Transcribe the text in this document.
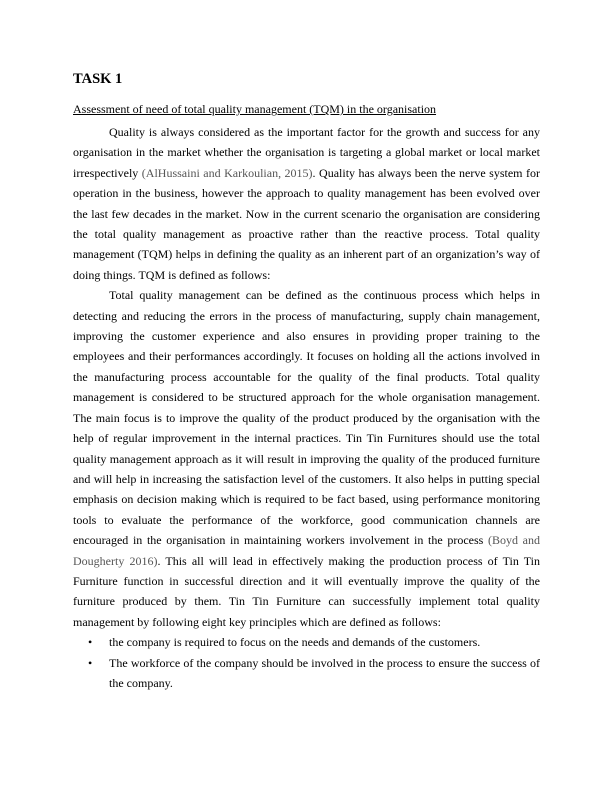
TASK 1
Assessment of need of total quality management (TQM) in the organisation

Quality is always considered as the important factor for the growth and success for any organisation in the market whether the organisation is targeting a global market or local market irrespectively (AlHussaini and Karkoulian, 2015). Quality has always been the nerve system for operation in the business, however the approach to quality management has been evolved over the last few decades in the market. Now in the current scenario the organisation are considering the total quality management as proactive rather than the reactive process. Total quality management (TQM) helps in defining the quality as an inherent part of an organization’s way of doing things. TQM is defined as follows:

Total quality management can be defined as the continuous process which helps in detecting and reducing the errors in the process of manufacturing, supply chain management, improving the customer experience and also ensures in providing proper training to the employees and their performances accordingly. It focuses on holding all the actions involved in the manufacturing process accountable for the quality of the final products. Total quality management is considered to be structured approach for the whole organisation management. The main focus is to improve the quality of the product produced by the organisation with the help of regular improvement in the internal practices. Tin Tin Furnitures should use the total quality management approach as it will result in improving the quality of the produced furniture and will help in increasing the satisfaction level of the customers. It also helps in putting special emphasis on decision making which is required to be fact based, using performance monitoring tools to evaluate the performance of the workforce, good communication channels are encouraged in the organisation in maintaining workers involvement in the process (Boyd and Dougherty 2016). This all will lead in effectively making the production process of Tin Tin Furniture function in successful direction and it will eventually improve the quality of the furniture produced by them. Tin Tin Furniture can successfully implement total quality management by following eight key principles which are defined as follows:

• the company is required to focus on the needs and demands of the customers.
• The workforce of the company should be involved in the process to ensure the success of the company.
